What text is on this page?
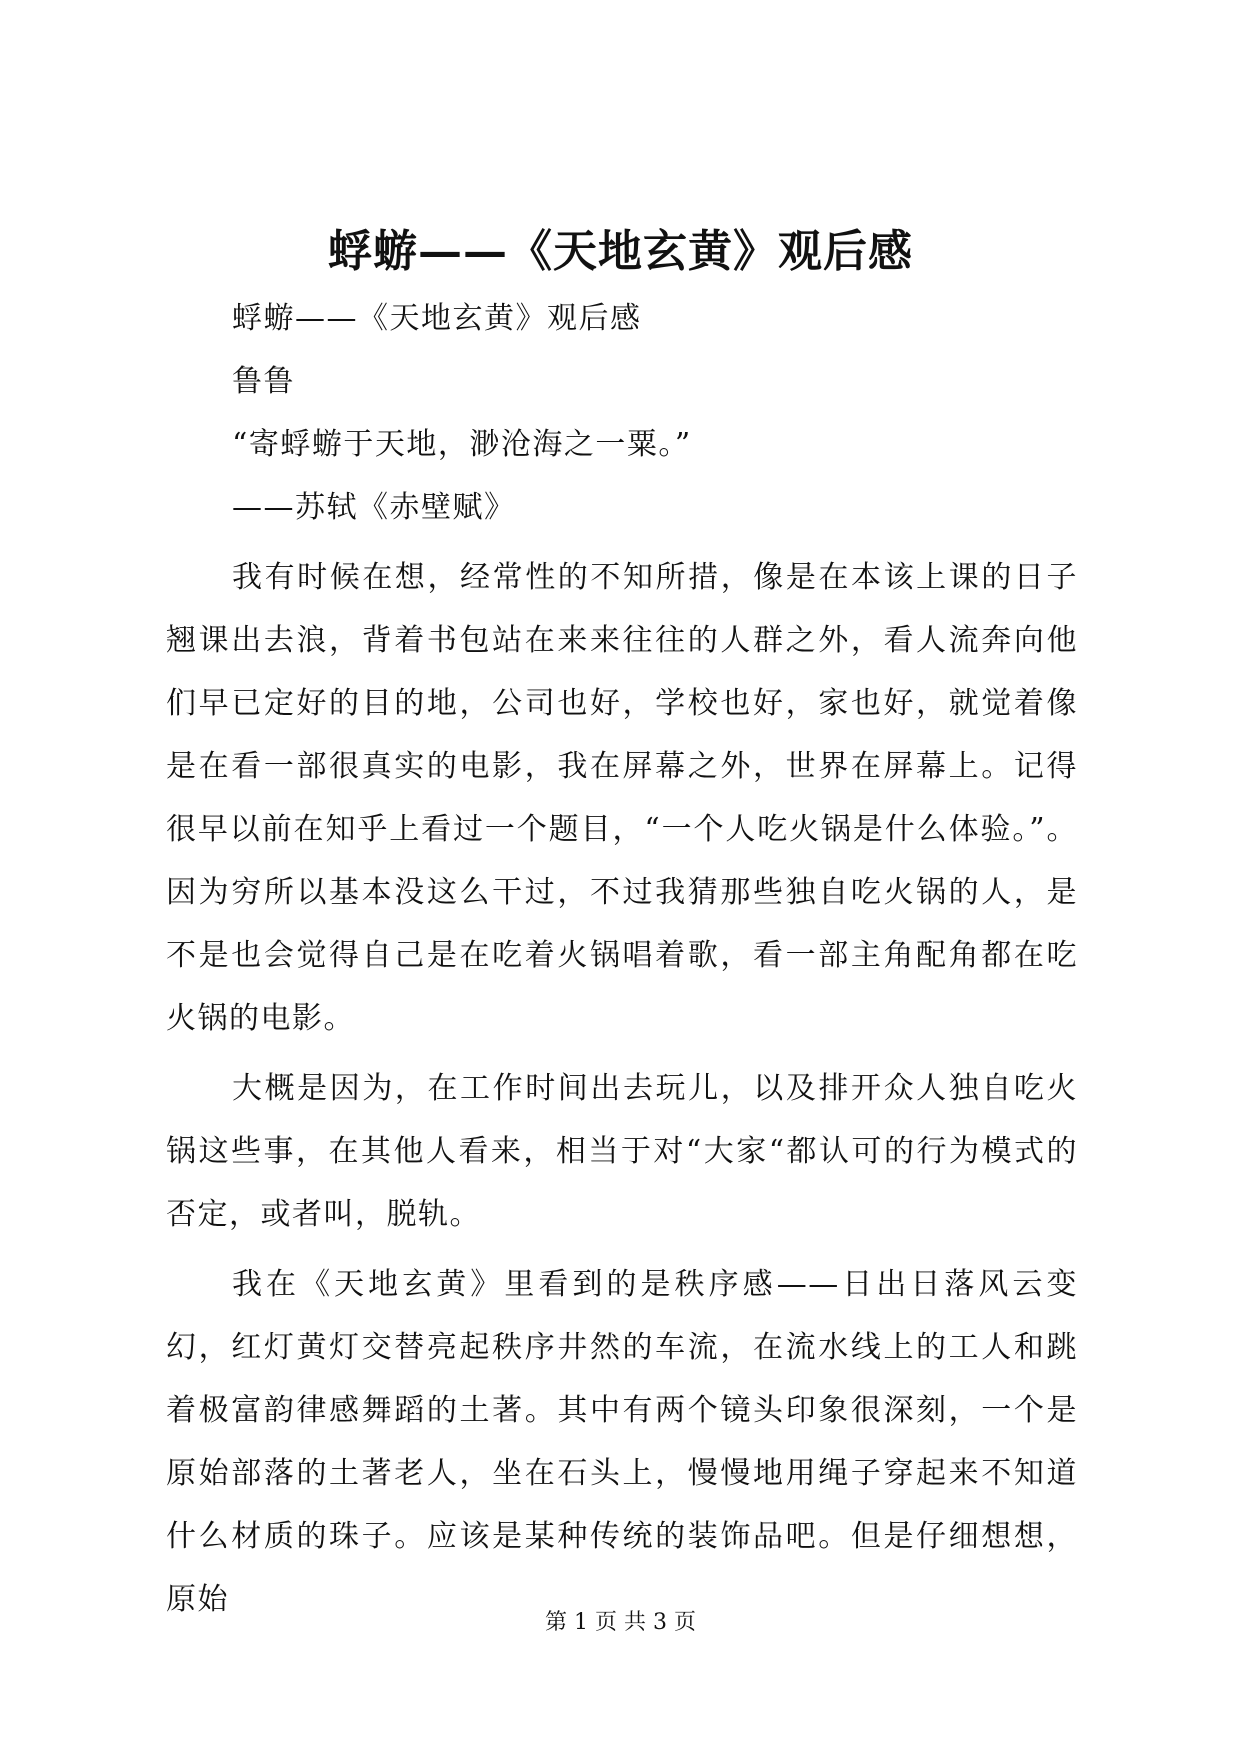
蜉蝣——《天地玄黄》观后感

蜉蝣——《天地玄黄》观后感

鲁鲁

“寄蜉蝣于天地，渺沧海之一粟。”

——苏轼《赤壁赋》

我有时候在想，经常性的不知所措，像是在本该上课的日子翘课出去浪，背着书包站在来来往往的人群之外，看人流奔向他们早已定好的目的地，公司也好，学校也好，家也好，就觉着像是在看一部很真实的电影，我在屏幕之外，世界在屏幕上。记得很早以前在知乎上看过一个题目，“一个人吃火锅是什么体验。”。因为穷所以基本没这么干过，不过我猜那些独自吃火锅的人，是不是也会觉得自己是在吃着火锅唱着歌，看一部主角配角都在吃火锅的电影。

大概是因为，在工作时间出去玩儿，以及排开众人独自吃火锅这些事，在其他人看来，相当于对“大家“都认可的行为模式的否定，或者叫，脱轨。

我在《天地玄黄》里看到的是秩序感——日出日落风云变幻，红灯黄灯交替亮起秩序井然的车流，在流水线上的工人和跳着极富韵律感舞蹈的土著。其中有两个镜头印象很深刻，一个是原始部落的土著老人，坐在石头上，慢慢地用绳子穿起来不知道什么材质的珠子。应该是某种传统的装饰品吧。但是仔细想想，原始

第 1 页 共 3 页
